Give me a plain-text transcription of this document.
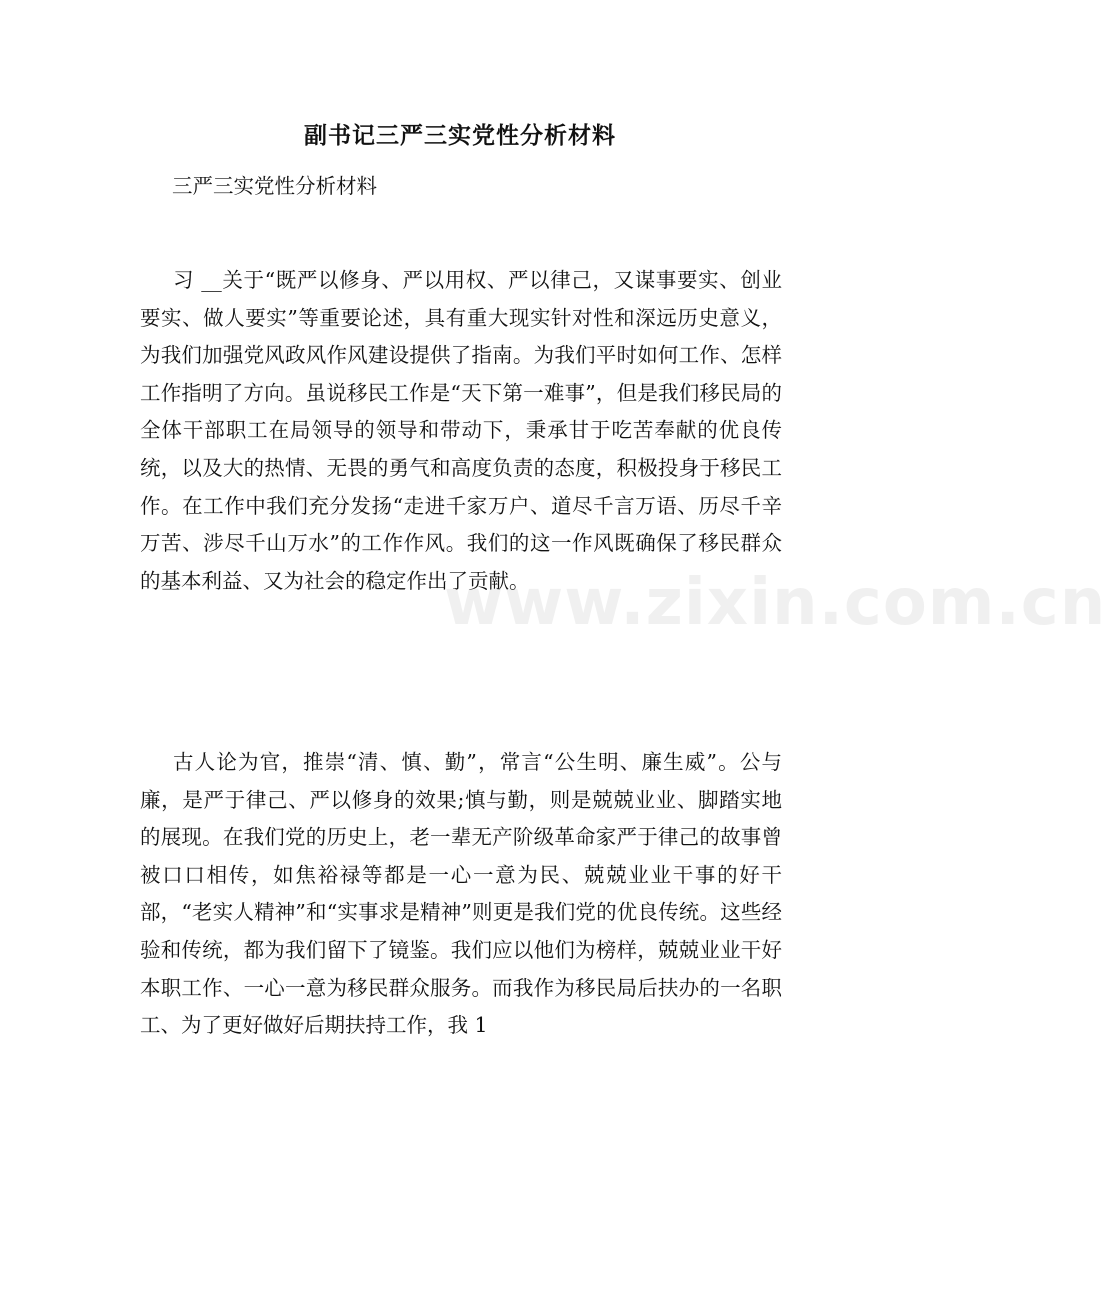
副书记三严三实党性分析材料
三严三实党性分析材料

习 __关于“既严以修身、严以用权、严以律己，又谋事要实、创业要实、做人要实”等重要论述，具有重大现实针对性和深远历史意义，为我们加强党风政风作风建设提供了指南。为我们平时如何工作、怎样工作指明了方向。虽说移民工作是“天下第一难事”，但是我们移民局的全体干部职工在局领导的领导和带动下，秉承甘于吃苦奉献的优良传统，以及大的热情、无畏的勇气和高度负责的态度，积极投身于移民工作。在工作中我们充分发扬“走进千家万户、道尽千言万语、历尽千辛万苦、涉尽千山万水”的工作作风。我们的这一作风既确保了移民群众的基本利益、又为社会的稳定作出了贡献。

古人论为官，推崇“清、慎、勤”，常言“公生明、廉生威”。公与廉，是严于律己、严以修身的效果;慎与勤，则是兢兢业业、脚踏实地的展现。在我们党的历史上，老一辈无产阶级革命家严于律己的故事曾被口口相传，如焦裕禄等都是一心一意为民、兢兢业业干事的好干部，“老实人精神”和“实事求是精神”则更是我们党的优良传统。这些经验和传统，都为我们留下了镜鉴。我们应以他们为榜样，兢兢业业干好本职工作、一心一意为移民群众服务。而我作为移民局后扶办的一名职工、为了更好做好后期扶持工作，我 1

www.zixin.com.cn
